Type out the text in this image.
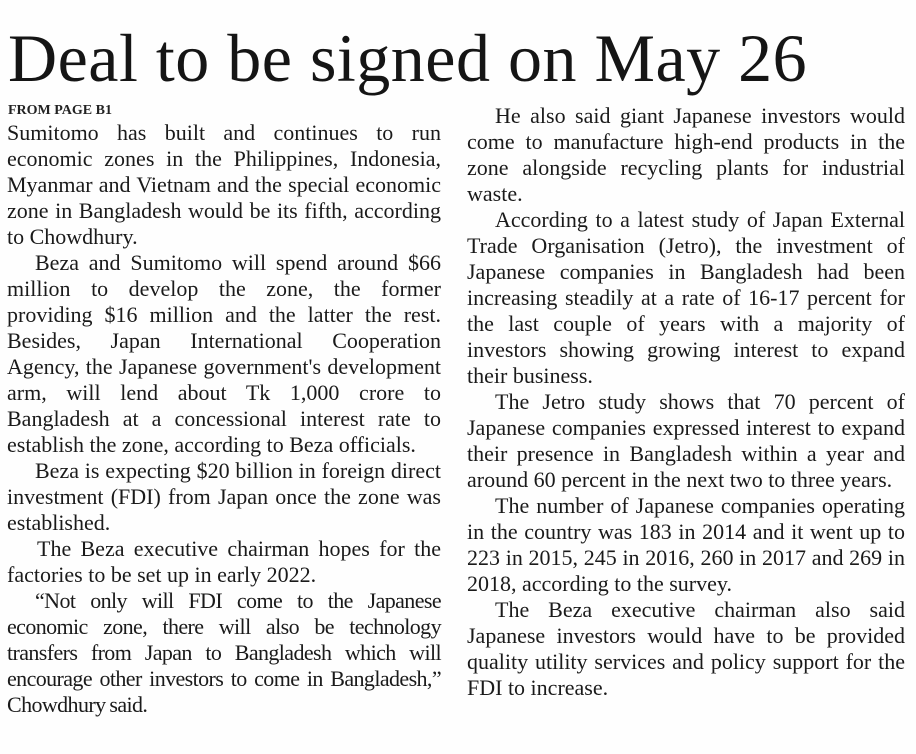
Deal to be signed on May 26
FROM PAGE B1

Sumitomo has built and continues to run economic zones in the Philippines, Indonesia, Myanmar and Vietnam and the special economic zone in Bangladesh would be its fifth, according to Chowdhury.

Beza and Sumitomo will spend around $66 million to develop the zone, the former providing $16 million and the latter the rest. Besides, Japan International Cooperation Agency, the Japanese government's development arm, will lend about Tk 1,000 crore to Bangladesh at a concessional interest rate to establish the zone, according to Beza officials.

Beza is expecting $20 billion in foreign direct investment (FDI) from Japan once the zone was established.

The Beza executive chairman hopes for the factories to be set up in early 2022.

“Not only will FDI come to the Japanese economic zone, there will also be technology transfers from Japan to Bangladesh which will encourage other investors to come in Bangladesh,” Chowdhury said.

He also said giant Japanese investors would come to manufacture high-end products in the zone alongside recycling plants for industrial waste.

According to a latest study of Japan External Trade Organisation (Jetro), the investment of Japanese companies in Bangladesh had been increasing steadily at a rate of 16-17 percent for the last couple of years with a majority of investors showing growing interest to expand their business.

The Jetro study shows that 70 percent of Japanese companies expressed interest to expand their presence in Bangladesh within a year and around 60 percent in the next two to three years.

The number of Japanese companies operating in the country was 183 in 2014 and it went up to 223 in 2015, 245 in 2016, 260 in 2017 and 269 in 2018, according to the survey.

The Beza executive chairman also said Japanese investors would have to be provided quality utility services and policy support for the FDI to increase.
